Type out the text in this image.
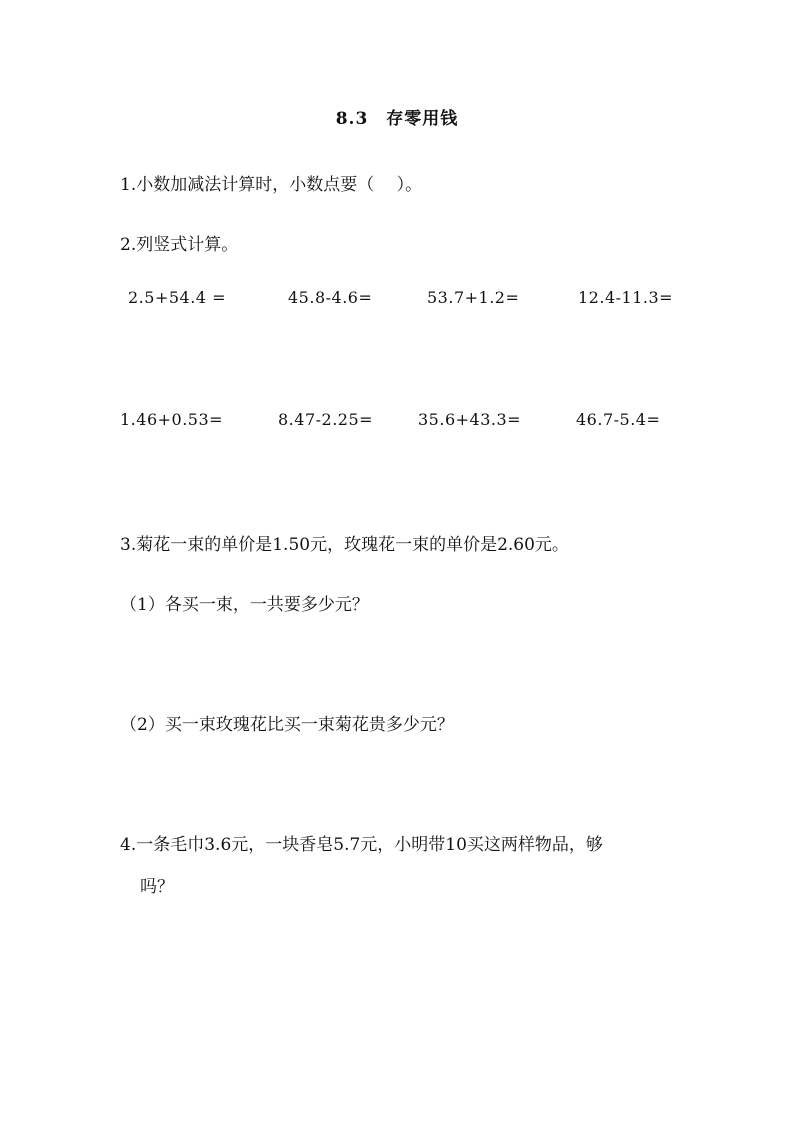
8.3　存零用钱
1.小数加减法计算时，小数点要（　 ）。
2.列竖式计算。
2.5+54.4 =	45.8-4.6=	53.7+1.2=	12.4-11.3=
1.46+0.53=	8.47-2.25=	35.6+43.3=	46.7-5.4=
3.菊花一束的单价是1.50元，玫瑰花一束的单价是2.60元。
（1）各买一束，一共要多少元？
（2）买一束玫瑰花比买一束菊花贵多少元？
4.一条毛巾3.6元，一块香皂5.7元，小明带10买这两样物品，够
吗？
